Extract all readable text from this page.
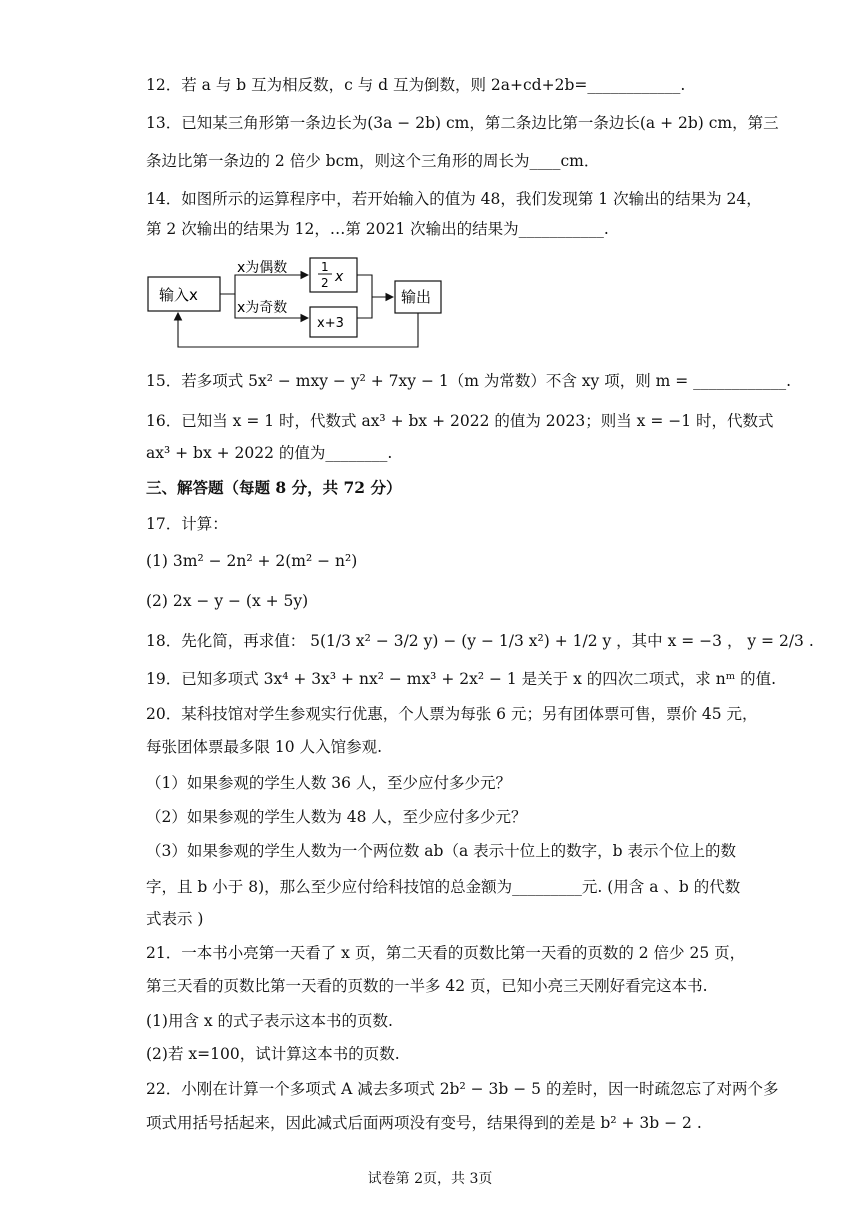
12．若 a 与 b 互为相反数，c 与 d 互为倒数，则 2a+cd+2b=____________.
13．已知某三角形第一条边长为(3a − 2b) cm，第二条边比第一条边长(a + 2b) cm，第三
条边比第一条边的 2 倍少 bcm，则这个三角形的周长为____cm．
14．如图所示的运算程序中，若开始输入的值为 48，我们发现第 1 次输出的结果为 24，
第 2 次输出的结果为 12，…第 2021 次输出的结果为___________.
输入x
1
2 x
x+3
输出
x为偶数
x为奇数
15．若多项式 5x² − mxy − y² + 7xy − 1（m 为常数）不含 xy 项，则 m = ____________.
16．已知当 x = 1 时，代数式 ax³ + bx + 2022 的值为 2023；则当 x = −1 时，代数式
ax³ + bx + 2022 的值为________.
三、解答题（每题 8 分，共 72 分）
17．计算：
(1) 3m² − 2n² + 2(m² − n²)
(2) 2x − y − (x + 5y)
18．先化简，再求值： 5(1/3 x² − 3/2 y) − (y − 1/3 x²) + 1/2 y ，其中 x = −3 ， y = 2/3 .
19．已知多项式 3x⁴ + 3x³ + nx² − mx³ + 2x² − 1 是关于 x 的四次二项式，求 nᵐ 的值.
20．某科技馆对学生参观实行优惠，个人票为每张 6 元；另有团体票可售，票价 45 元，
每张团体票最多限 10 人入馆参观.
（1）如果参观的学生人数 36 人，至少应付多少元？
（2）如果参观的学生人数为 48 人，至少应付多少元？
（3）如果参观的学生人数为一个两位数 ab（a 表示十位上的数字，b 表示个位上的数
字，且 b 小于 8)，那么至少应付给科技馆的总金额为_________元. (用含 a 、b 的代数
式表示 )
21．一本书小亮第一天看了 x 页，第二天看的页数比第一天看的页数的 2 倍少 25 页，
第三天看的页数比第一天看的页数的一半多 42 页，已知小亮三天刚好看完这本书.
(1)用含 x 的式子表示这本书的页数.
(2)若 x=100，试计算这本书的页数.
22．小刚在计算一个多项式 A 减去多项式 2b² − 3b − 5 的差时，因一时疏忽忘了对两个多
项式用括号括起来，因此减式后面两项没有变号，结果得到的差是 b² + 3b − 2 .
试卷第 2页，共 3页
